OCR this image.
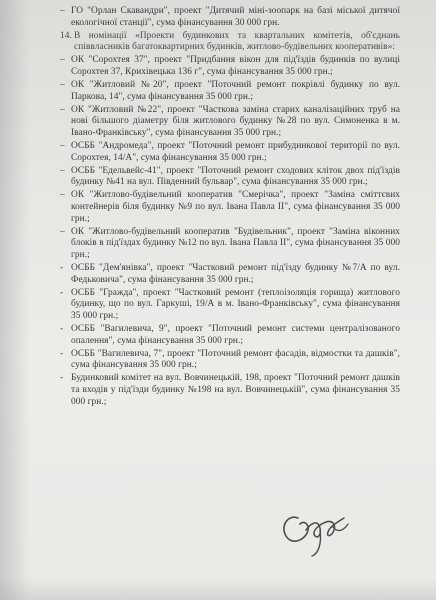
– ГО "Орлан Скавандри", проект "Дитячий міні-зоопарк на базі міської дитячої екологічної станції", сума фінансування 30 000 грн.

14. В номінації «Проекти будинкових та квартальних комітетів, об'єднань співвласників багатоквартирних будинків, житлово-будівельних кооперативів»:

– ОК "Сорохтея 37", проект "Придбання вікон для під'їздів будинків по вулиці Сорохтея 37, Крихівецька 136 г", сума фінансування 35 000 грн.;

– ОК "Житловий №20", проект "Поточний ремонт покрівлі будинку по вул. Паркова, 14", сума фінансування 35 000 грн.;

– ОК "Житловий №22", проект "Часткова заміна старих каналізаційних труб на нові більшого діаметру біля житлового будинку №28 по вул. Симоненка в м. Івано-Франківську", сума фінансування 35 000 грн.;

– ОСББ "Андромеда", проект "Поточний ремонт прибудинкової території по вул. Сорохтея, 14/А", сума фінансування 35 000 грн.;

– ОСББ "Едельвейс-41", проект "Поточний ремонт сходових кліток двох під'їздів будинку №41 на вул. Південний бульвар", сума фінансування 35 000 грн.;

– ОК "Житлово-будівельний кооператив "Смерічка", проект "Заміна сміттєвих контейнерів біля будинку №9 по вул. Івана Павла ІІ", сума фінансування 35 000 грн.;

– ОК "Житлово-будівельний кооператив "Будівельник", проект "Заміна віконних блоків в під'їздах будинку №12 по вул. Івана Павла ІІ", сума фінансування 35 000 грн.;

- ОСББ "Дем'янівка", проект "Частковий ремонт під'їзду будинку №7/А по вул. Федьковича", сума фінансування 35 000 грн.;

- ОСББ "Гражда", проект "Частковий ремонт (теплоізоляція горища) житлового будинку, що по вул. Гаркуші, 19/А в м. Івано-Франківську", сума фінансування 35 000 грн.;

- ОСББ "Вагилевича, 9", проект "Поточний ремонт системи централізованого опалення", сума фінансування 35 000 грн.;

- ОСББ "Вагилевича, 7", проект "Поточний ремонт фасадів, відмостки та дашків", сума фінансування 35 000 грн.;

- Будинковий комітет на вул. Вовчинецькій, 198, проект "Поточний ремонт дашків та входів у під'їзди будинку №198 на вул. Вовчинецькій", сума фінансування 35 000 грн.;
